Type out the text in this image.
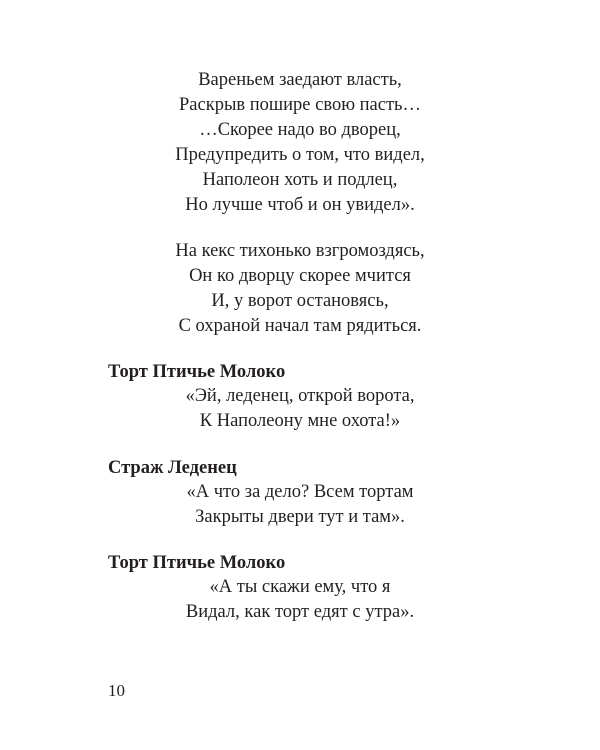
Вареньем заедают власть,
Раскрыв пошире свою пасть…
…Скорее надо во дворец,
Предупредить о том, что видел,
Наполеон хоть и подлец,
Но лучше чтоб и он увидел».
На кекс тихонько взгромоздясь,
Он ко дворцу скорее мчится
И, у ворот остановясь,
С охраной начал там рядиться.
Торт Птичье Молоко
«Эй, леденец, открой ворота,
К Наполеону мне охота!»
Страж Леденец
«А что за дело? Всем тортам
Закрыты двери тут и там».
Торт Птичье Молоко
«А ты скажи ему, что я
Видал, как торт едят с утра».
10
